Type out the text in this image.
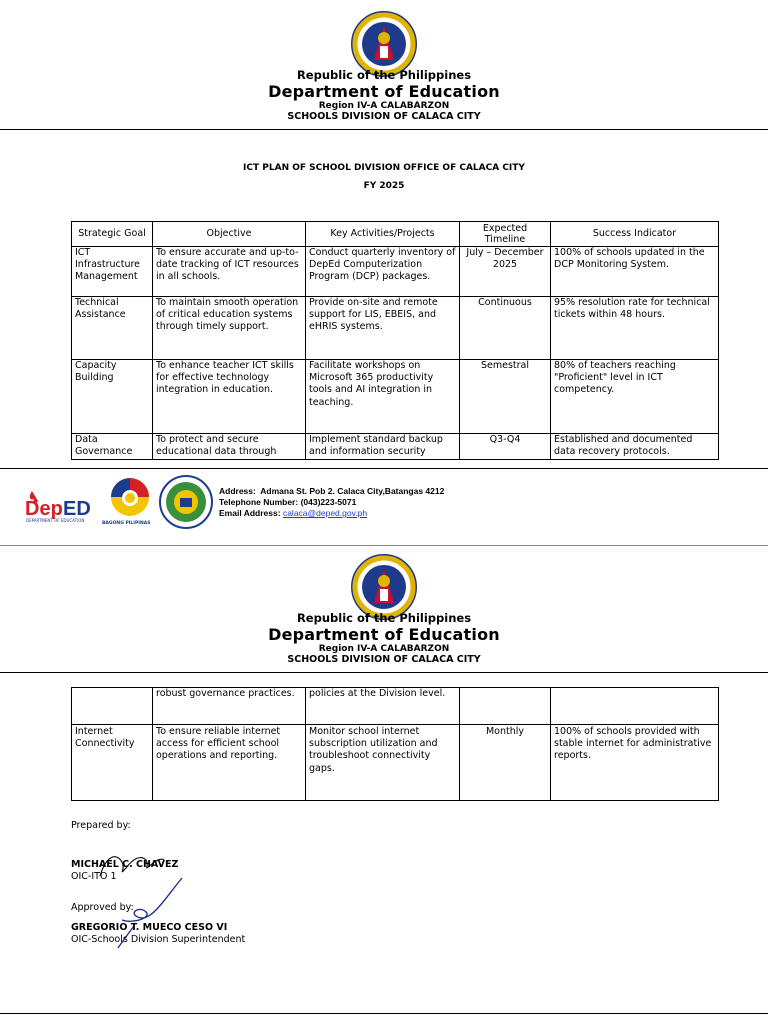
Republic of the Philippines
Department of Education
Region IV-A CALABARZON
SCHOOLS DIVISION OF CALACA CITY
ICT PLAN OF SCHOOL DIVISION OFFICE OF CALACA CITY
FY 2025
Strategic Goal	Objective	Key Activities/Projects	Expected Timeline	Success Indicator
ICT Infrastructure Management	To ensure accurate and up-to-date tracking of ICT resources in all schools.	Conduct quarterly inventory of DepEd Computerization Program (DCP) packages.	July – December 2025	100% of schools updated in the DCP Monitoring System.
Technical Assistance	To maintain smooth operation of critical education systems through timely support.	Provide on-site and remote support for LIS, EBEIS, and eHRIS systems.	Continuous	95% resolution rate for technical tickets within 48 hours.
Capacity Building	To enhance teacher ICT skills for effective technology integration in education.	Facilitate workshops on Microsoft 365 productivity tools and AI integration in teaching.	Semestral	80% of teachers reaching "Proficient" level in ICT competency.
Data Governance	To protect and secure educational data through	Implement standard backup and information security	Q3-Q4	Established and documented data recovery protocols.
Dep ED
DEPARTMENT OF EDUCATION
BAGONG PILIPINAS
Address: Admana St. Pob 2. Calaca City,Batangas 4212
Telephone Number: (043)223-5071
Email Address: calaca@deped.gov.ph
Republic of the Philippines
Department of Education
Region IV-A CALABARZON
SCHOOLS DIVISION OF CALACA CITY
	robust governance practices.	policies at the Division level.		
Internet Connectivity	To ensure reliable internet access for efficient school operations and reporting.	Monitor school internet subscription utilization and troubleshoot connectivity gaps.	Monthly	100% of schools provided with stable internet for administrative reports.
Prepared by:
MICHAEL C. CHAVEZ
OIC-ITO 1
Approved by:
GREGORIO T. MUECO CESO VI
OIC-Schools Division Superintendent
